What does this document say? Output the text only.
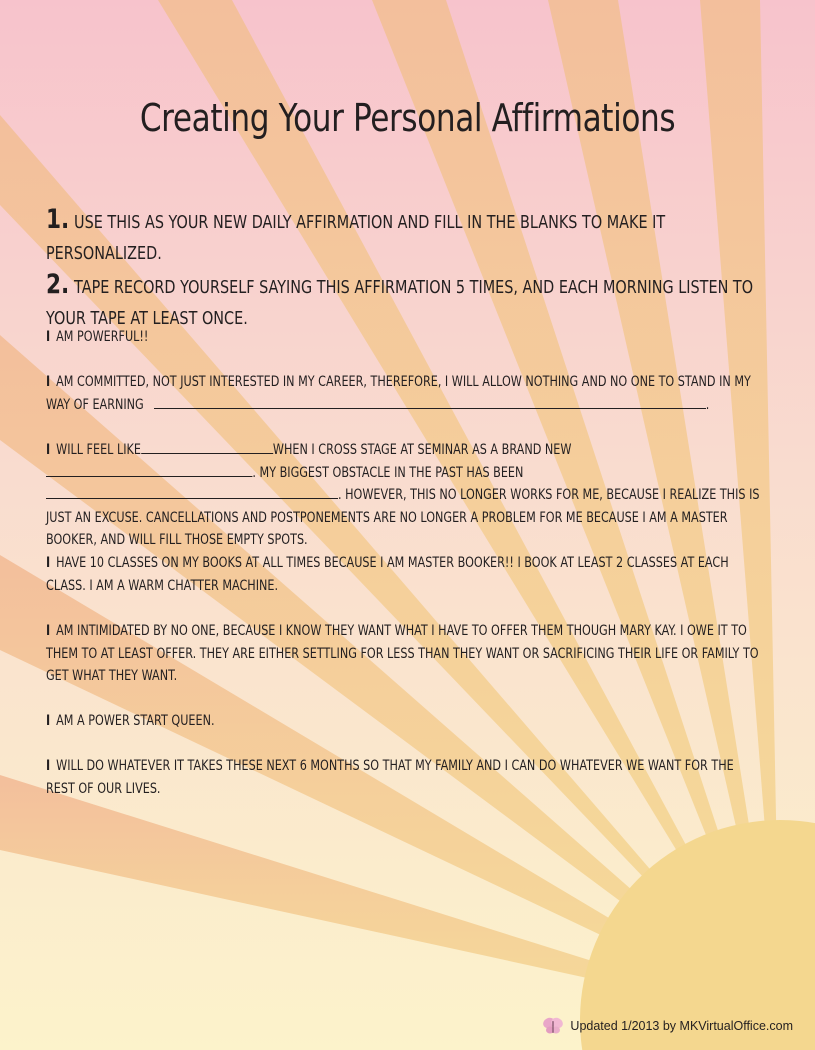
Creating Your Personal Affirmations
1. USE THIS AS YOUR NEW DAILY AFFIRMATION AND FILL IN THE BLANKS TO MAKE IT PERSONALIZED.
2. TAPE RECORD YOURSELF SAYING THIS AFFIRMATION 5 TIMES, AND EACH MORNING LISTEN TO YOUR TAPE AT LEAST ONCE.

I AM POWERFUL!!

I AM COMMITTED, NOT JUST INTERESTED IN MY CAREER, THEREFORE, I WILL ALLOW NOTHING AND NO ONE TO STAND IN MY WAY OF EARNING	.

I WILL FEEL LIKE	WHEN I CROSS STAGE AT SEMINAR AS A BRAND NEW . MY BIGGEST OBSTACLE IN THE PAST HAS BEEN. HOWEVER, THIS NO LONGER WORKS FOR ME, BECAUSE I REALIZE THIS IS JUST AN EXCUSE. CANCELLATIONS AND POSTPONEMENTS ARE NO LONGER A PROBLEM FOR ME BECAUSE I AM A MASTER BOOKER, AND WILL FILL THOSE EMPTY SPOTS.

I HAVE 10 CLASSES ON MY BOOKS AT ALL TIMES BECAUSE I AM MASTER BOOKER!! I BOOK AT LEAST 2 CLASSES AT EACH CLASS. I AM A WARM CHATTER MACHINE.

I AM INTIMIDATED BY NO ONE, BECAUSE I KNOW THEY WANT WHAT I HAVE TO OFFER THEM THOUGH MARY KAY. I OWE IT TO THEM TO AT LEAST OFFER. THEY ARE EITHER SETTLING FOR LESS THAN THEY WANT OR SACRIFICING THEIR LIFE OR FAMILY TO GET WHAT THEY WANT.

I AM A POWER START QUEEN.

I WILL DO WHATEVER IT TAKES THESE NEXT 6 MONTHS SO THAT MY FAMILY AND I CAN DO WHATEVER WE WANT FOR THE REST OF OUR LIVES.

Updated 1/2013 by MKVirtualOffice.com
